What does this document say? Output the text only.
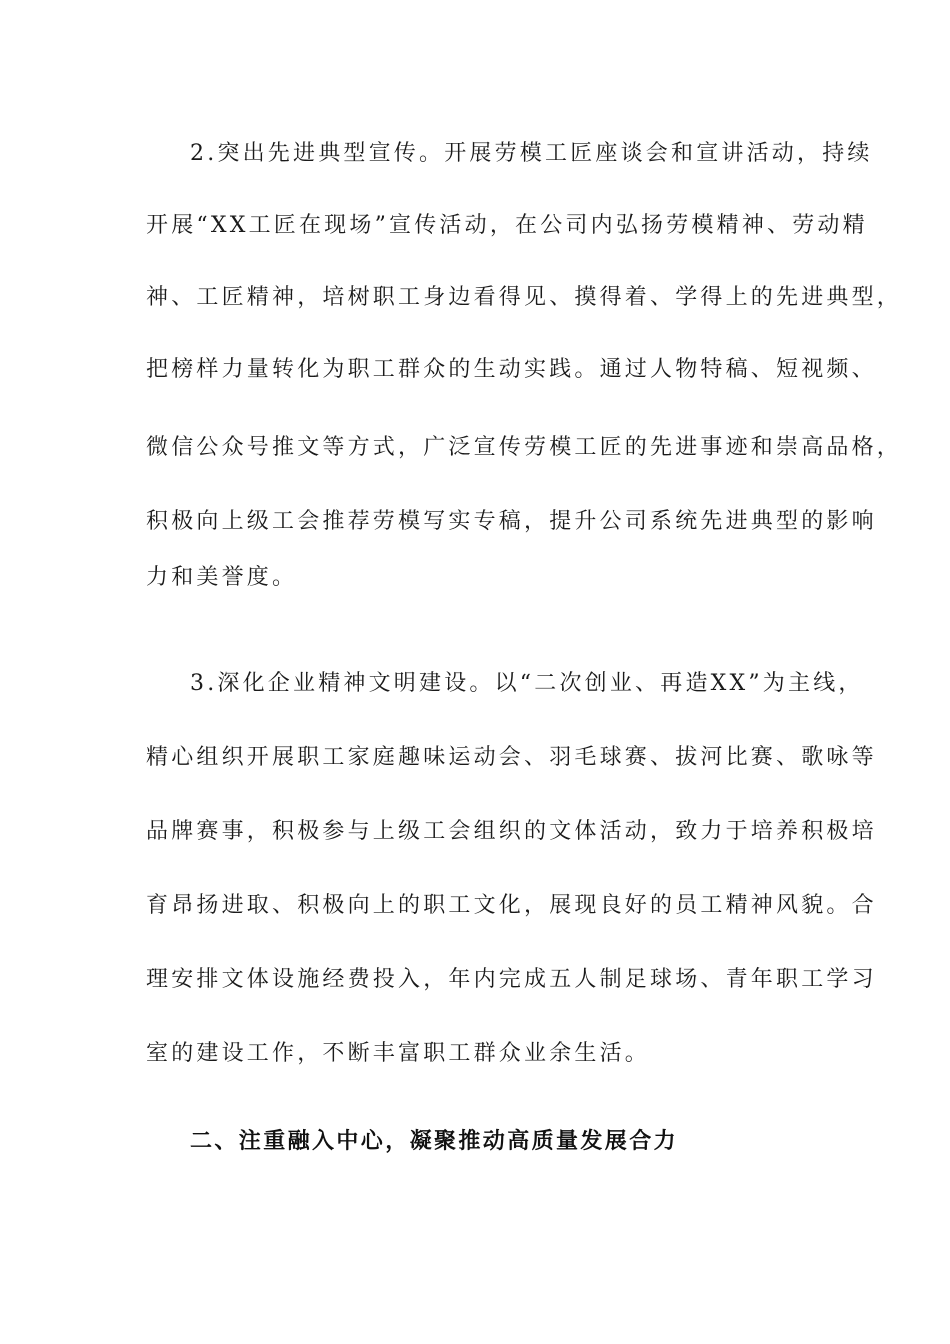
2.突出先进典型宣传。开展劳模工匠座谈会和宣讲活动，持续
开展“XX工匠在现场”宣传活动，在公司内弘扬劳模精神、劳动精
神、工匠精神，培树职工身边看得见、摸得着、学得上的先进典型，
把榜样力量转化为职工群众的生动实践。通过人物特稿、短视频、
微信公众号推文等方式，广泛宣传劳模工匠的先进事迹和崇高品格，
积极向上级工会推荐劳模写实专稿，提升公司系统先进典型的影响
力和美誉度。
3.深化企业精神文明建设。以“二次创业、再造XX”为主线，
精心组织开展职工家庭趣味运动会、羽毛球赛、拔河比赛、歌咏等
品牌赛事，积极参与上级工会组织的文体活动，致力于培养积极培
育昂扬进取、积极向上的职工文化，展现良好的员工精神风貌。合
理安排文体设施经费投入，年内完成五人制足球场、青年职工学习
室的建设工作，不断丰富职工群众业余生活。
二、注重融入中心，凝聚推动高质量发展合力
